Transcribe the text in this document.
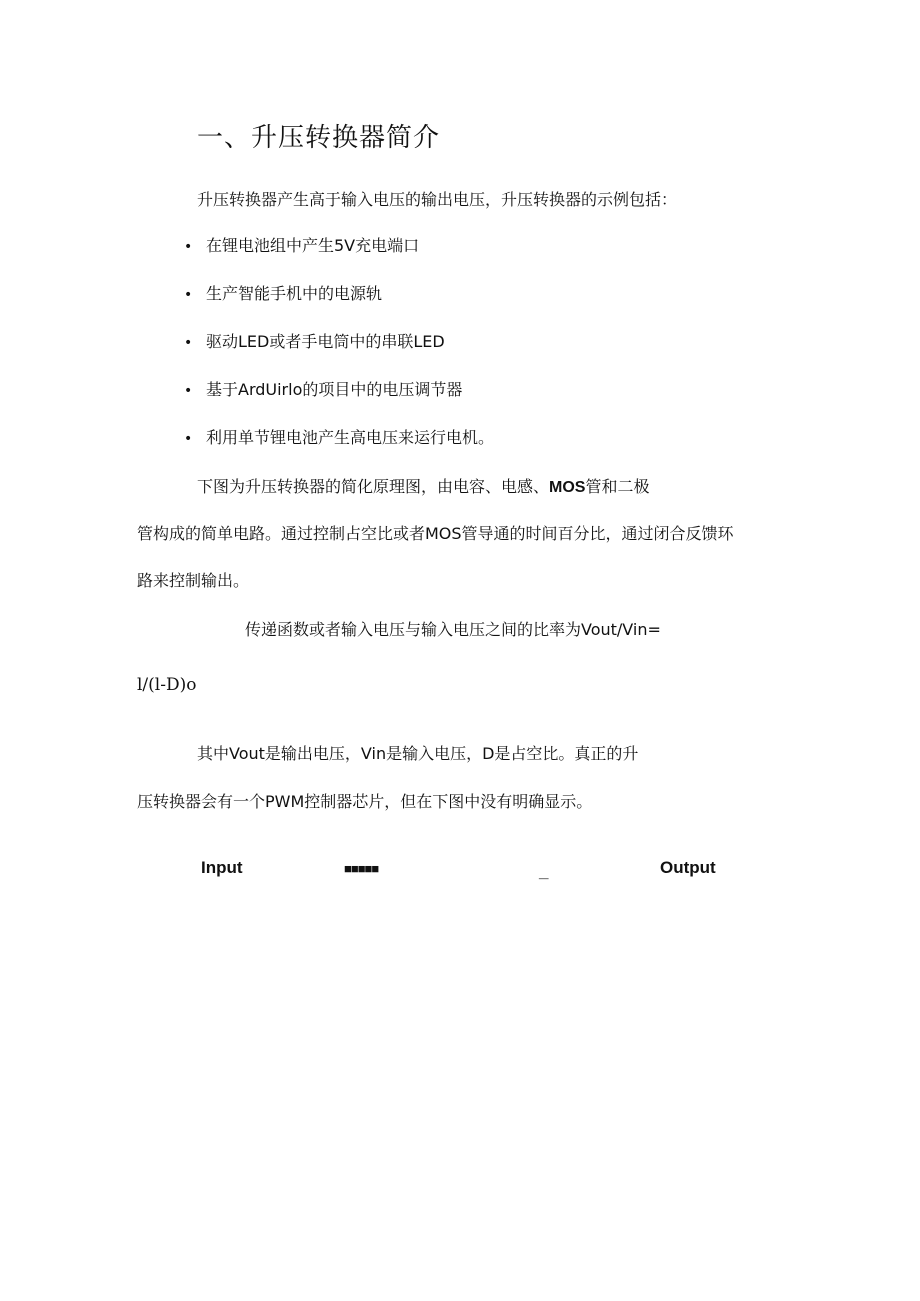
一、升压转换器简介
升压转换器产生高于输入电压的输出电压，升压转换器的示例包括：
• 在锂电池组中产生5V充电端口
• 生产智能手机中的电源轨
• 驱动LED或者手电筒中的串联LED
• 基于ArdUirlo的项目中的电压调节器
• 利用单节锂电池产生高电压来运行电机。
下图为升压转换器的简化原理图，由电容、电感、MOS管和二极
管构成的简单电路。通过控制占空比或者MOS管导通的时间百分比，通过闭合反馈环
路来控制输出。
传递函数或者输入电压与输入电压之间的比率为Vout/Vin=
l/(l-D)o
其中Vout是输出电压，Vin是输入电压，D是占空比。真正的升
压转换器会有一个PWM控制器芯片，但在下图中没有明确显示。
Input	■■■■■	_	Output
